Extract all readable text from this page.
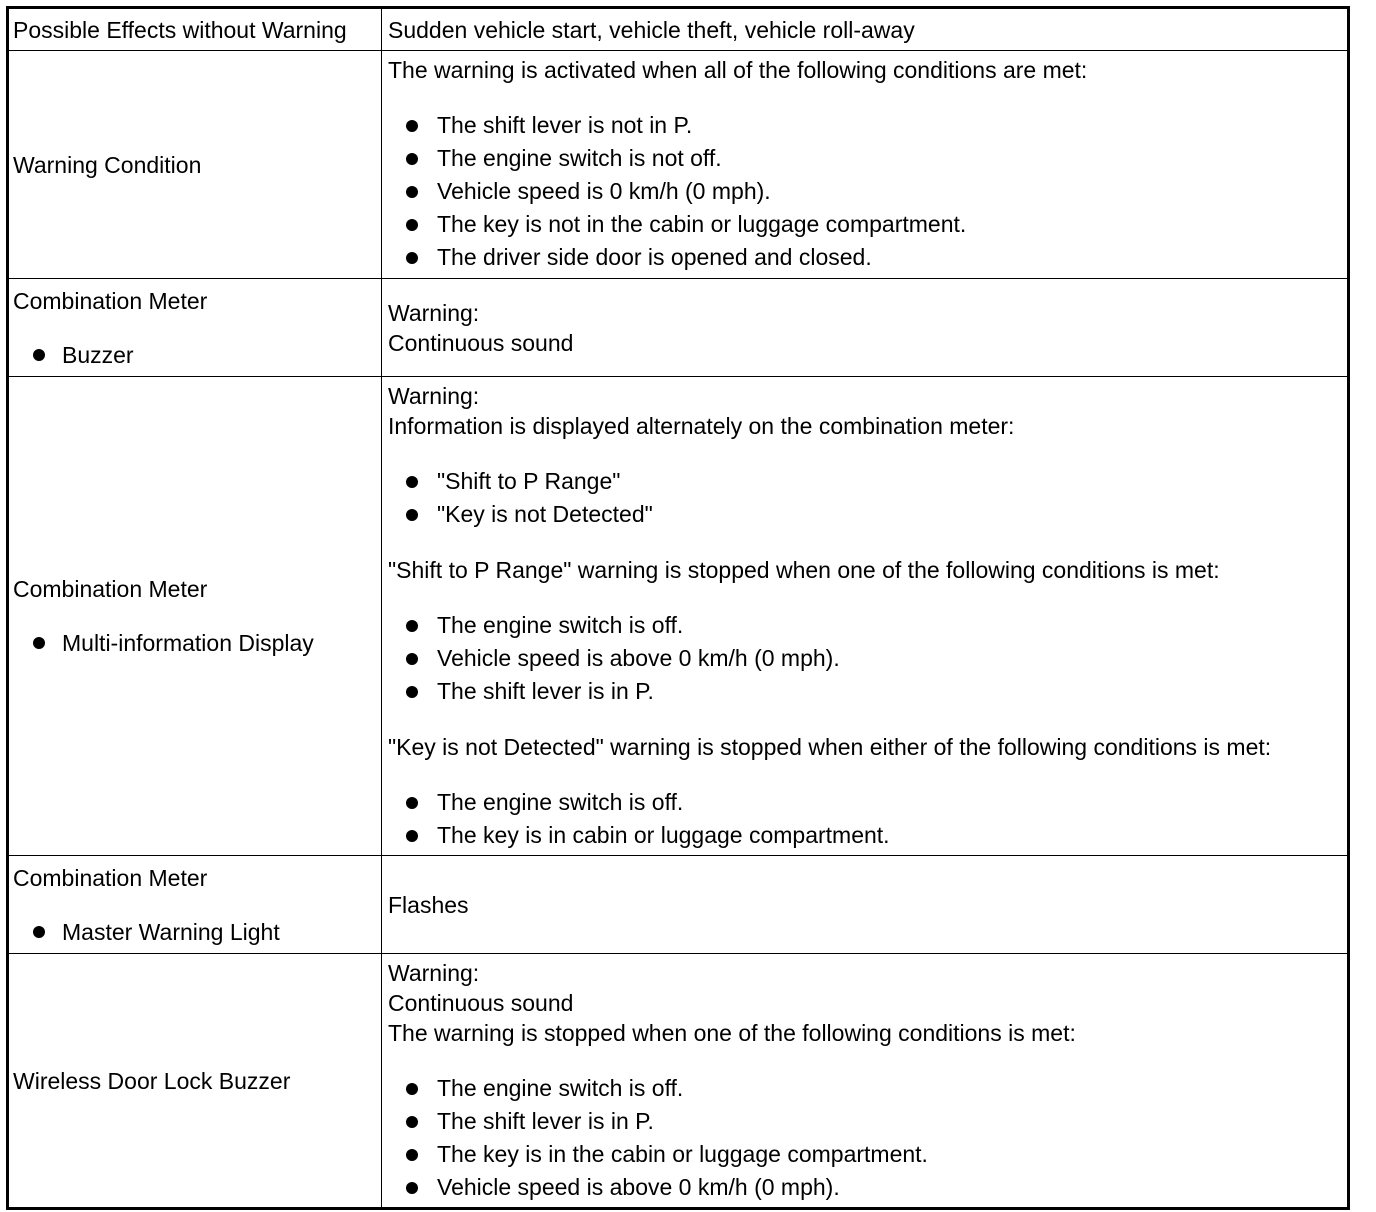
Possible Effects without Warning	Sudden vehicle start, vehicle theft, vehicle roll-away
Warning Condition
The warning is activated when all of the following conditions are met:
The shift lever is not in P.
The engine switch is not off.
Vehicle speed is 0 km/h (0 mph).
The key is not in the cabin or luggage compartment.
The driver side door is opened and closed.
Combination Meter
Buzzer
Warning:
Continuous sound
Combination Meter
Multi-information Display
Warning:
Information is displayed alternately on the combination meter:
"Shift to P Range"
"Key is not Detected"
"Shift to P Range" warning is stopped when one of the following conditions is met:
The engine switch is off.
Vehicle speed is above 0 km/h (0 mph).
The shift lever is in P.
"Key is not Detected" warning is stopped when either of the following conditions is met:
The engine switch is off.
The key is in cabin or luggage compartment.
Combination Meter
Master Warning Light
Flashes
Wireless Door Lock Buzzer
Warning:
Continuous sound
The warning is stopped when one of the following conditions is met:
The engine switch is off.
The shift lever is in P.
The key is in the cabin or luggage compartment.
Vehicle speed is above 0 km/h (0 mph).
